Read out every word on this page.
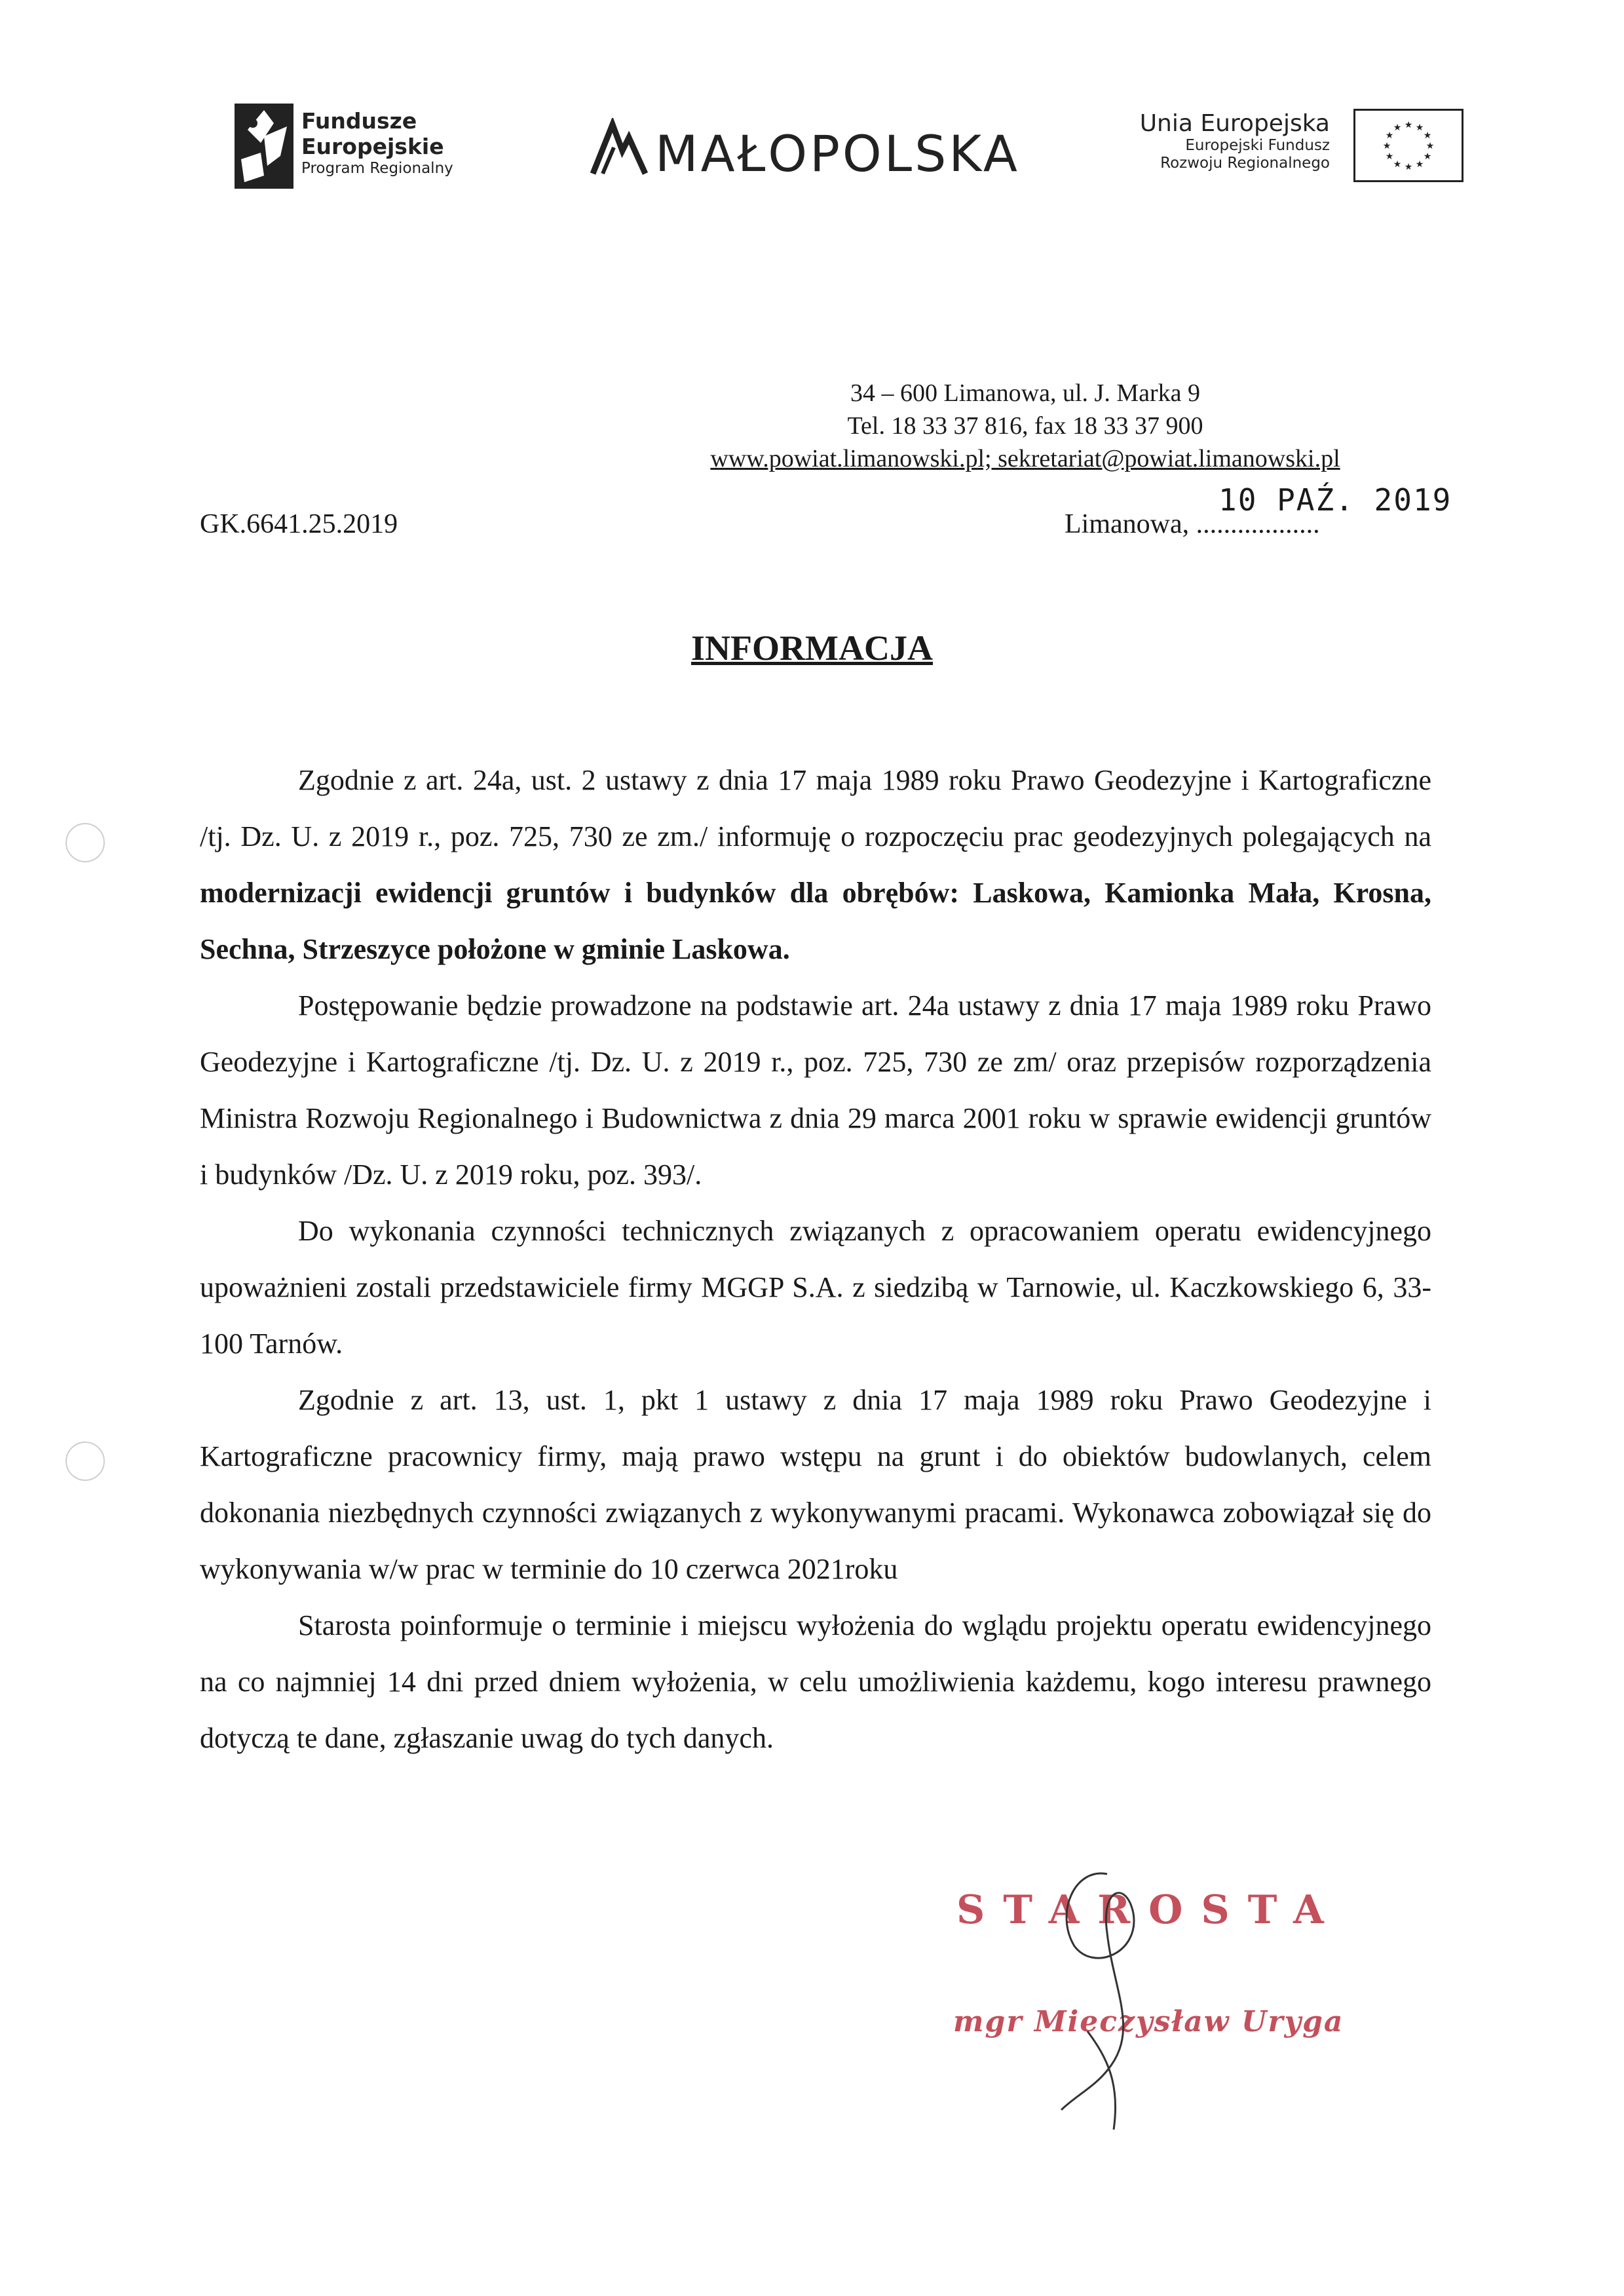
Fundusze
Europejskie
Program Regionalny	MAŁOPOLSKA
Unia Europejska
Europejski Fundusz
Rozwoju Regionalnego
★ ★
★
★
★
★
★
★
★
★
★
★
34 – 600 Limanowa, ul. J. Marka 9
Tel. 18 33 37 816, fax 18 33 37 900
www.powiat.limanowski.pl; sekretariat@powiat.limanowski.pl
GK.6641.25.2019
10 PAŹ. 2019
Limanowa, ..................
INFORMACJA

Zgodnie z art. 24a, ust. 2 ustawy z dnia 17 maja 1989 roku Prawo Geodezyjne i Kartograficzne /tj. Dz. U. z 2019 r., poz. 725, 730 ze zm./ informuję o rozpoczęciu prac geodezyjnych polegających na modernizacji ewidencji gruntów i budynków dla obrębów: Laskowa, Kamionka Mała, Krosna, Sechna, Strzeszyce położone w gminie Laskowa.

Postępowanie będzie prowadzone na podstawie art. 24a ustawy z dnia 17 maja 1989 roku Prawo Geodezyjne i Kartograficzne /tj. Dz. U. z 2019 r., poz. 725, 730 ze zm/ oraz przepisów rozporządzenia Ministra Rozwoju Regionalnego i Budownictwa z dnia 29 marca 2001 roku w sprawie ewidencji gruntów i budynków /Dz. U. z 2019 roku, poz. 393/.

Do wykonania czynności technicznych związanych z opracowaniem operatu ewidencyjnego upoważnieni zostali przedstawiciele firmy MGGP S.A. z siedzibą w Tarnowie, ul. Kaczkowskiego 6, 33-100 Tarnów.

Zgodnie z art. 13, ust. 1, pkt 1 ustawy z dnia 17 maja 1989 roku Prawo Geodezyjne i Kartograficzne pracownicy firmy, mają prawo wstępu na grunt i do obiektów budowlanych, celem dokonania niezbędnych czynności związanych z wykonywanymi pracami. Wykonawca zobowiązał się do wykonywania w/w prac w terminie do 10 czerwca 2021roku

Starosta poinformuje o terminie i miejscu wyłożenia do wglądu projektu operatu ewidencyjnego na co najmniej 14 dni przed dniem wyłożenia, w celu umożliwienia każdemu, kogo interesu prawnego dotyczą te dane, zgłaszanie uwag do tych danych.

STAROSTA
mgr Mieczysław Uryga
